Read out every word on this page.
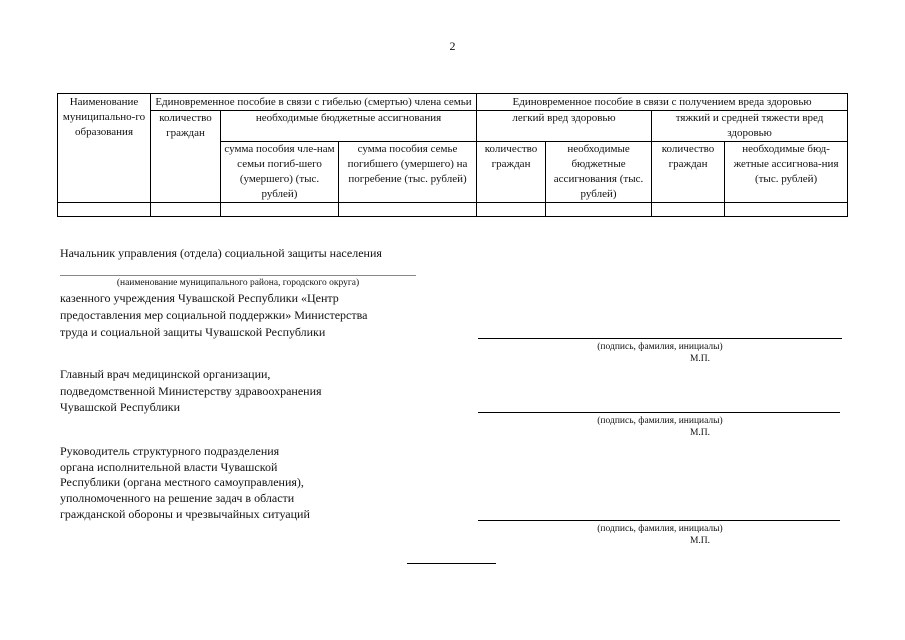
2
Наименование муниципально-го образования	Единовременное пособие в связи с гибелью (смертью) члена семьи			Единовременное пособие в связи с получением вреда здоровью			
	количество граждан	необходимые бюджетные ассигнования		легкий вред здоровью		тяжкий и средней тяжести вред здоровью	
		сумма пособия чле-нам семьи погиб-шего (умершего) (тыс. рублей)	сумма пособия семье погибшего (умершего) на погребение (тыс. рублей)	количество граждан	необходимые бюджетные ассигнования (тыс. рублей)	количество граждан	необходимые бюд-жетные ассигнова-ния (тыс. рублей)

Начальник управления (отдела) социальной защиты населения
(наименование муниципального района, городского округа)
казенного учреждения Чувашской Республики «Центр
предоставления мер социальной поддержки» Министерства
труда и социальной защиты Чувашской Республики
(подпись, фамилия, инициалы)
М.П.
Главный врач медицинской организации,
подведомственной Министерству здравоохранения
Чувашской Республики
(подпись, фамилия, инициалы)
М.П.
Руководитель структурного подразделения
органа исполнительной власти Чувашской
Республики (органа местного самоуправления),
уполномоченного на решение задач в области
гражданской обороны и чрезвычайных ситуаций
(подпись, фамилия, инициалы)
М.П.
